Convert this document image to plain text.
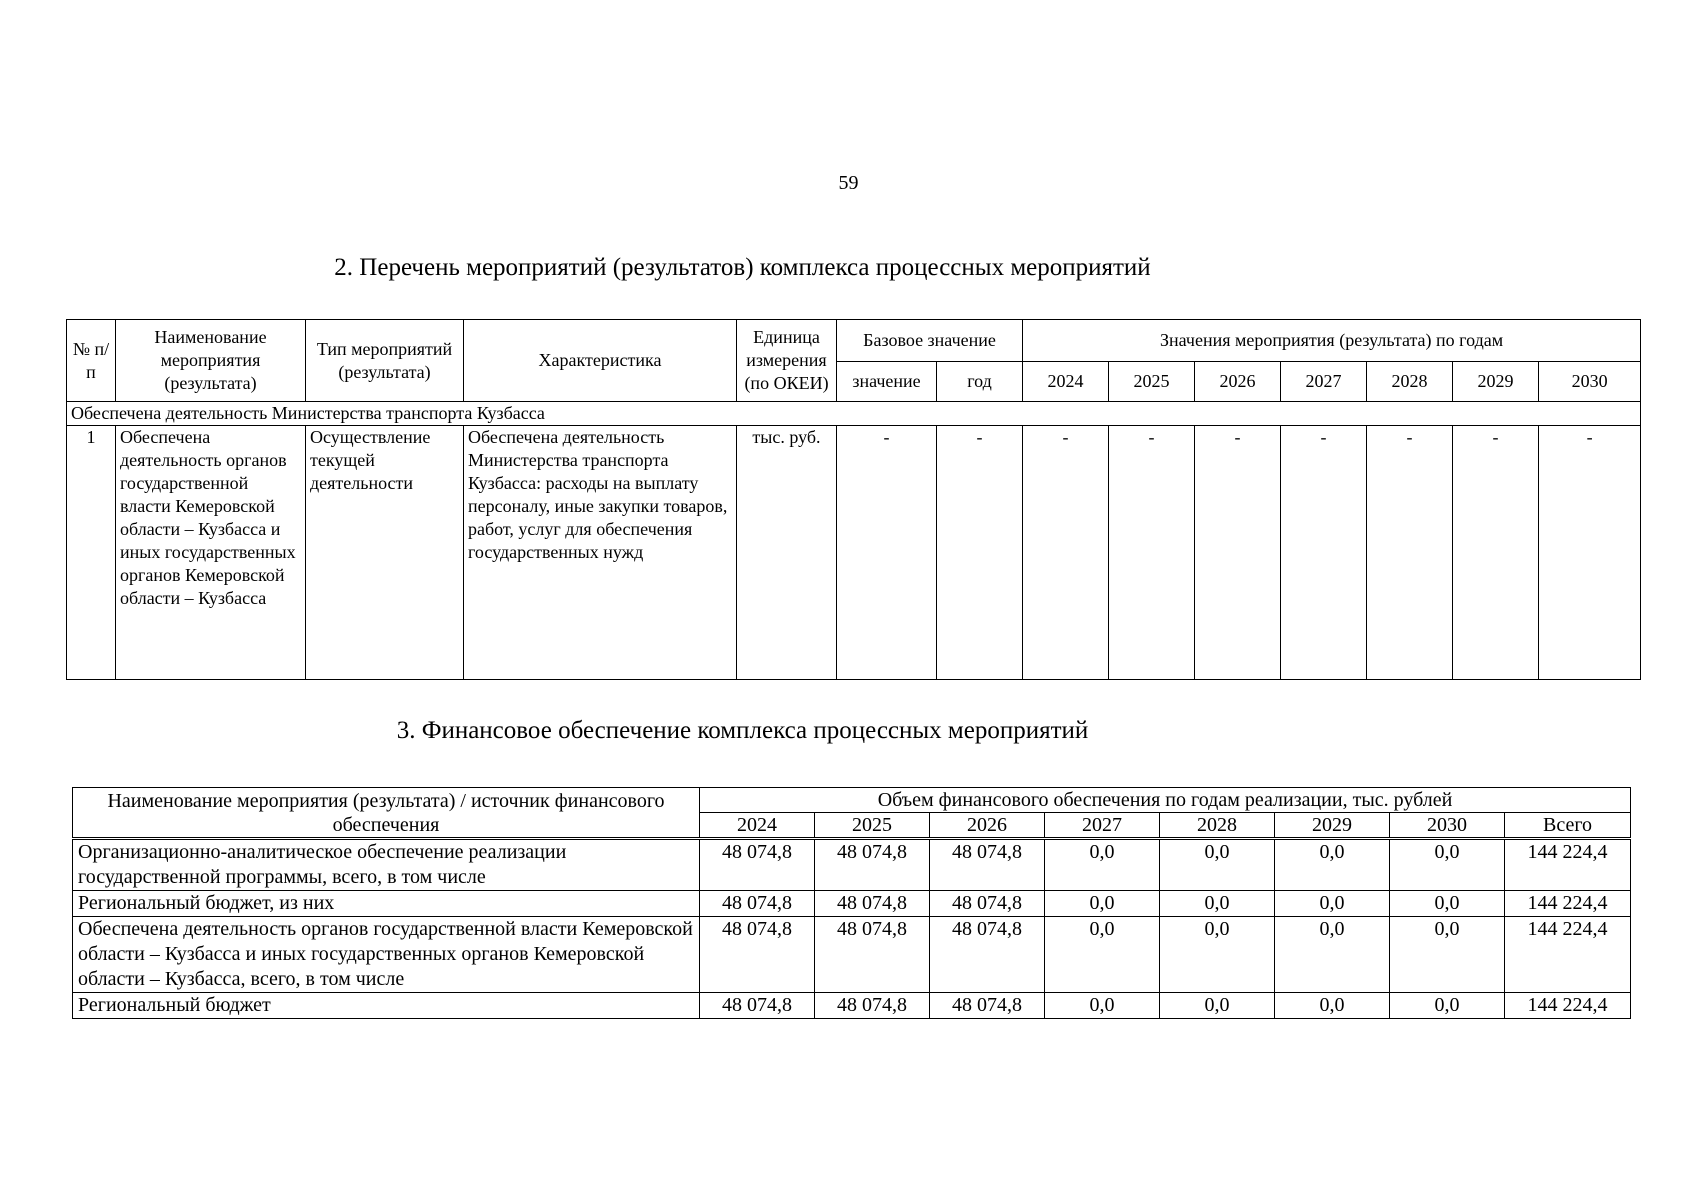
59
2. Перечень мероприятий (результатов) комплекса процессных мероприятий
№ п/п	Наименование мероприятия (результата)	Тип мероприятий (результата)	Характеристика	Единица измерения (по ОКЕИ)	Базовое значение		Значения мероприятия (результата) по годам						
					значение	год	2024	2025	2026	2027	2028	2029	2030
Обеспечена деятельность Министерства транспорта Кузбасса													
1	Обеспечена деятельность органов государственной власти Кемеровской области – Кузбасса и иных государственных органов Кемеровской области – Кузбасса	Осуществление текущей деятельности	Обеспечена деятельность Министерства транспорта Кузбасса: расходы на выплату персоналу, иные закупки товаров, работ, услуг для обеспечения государственных нужд	тыс. руб.	-	-	-	-	-	-	-	-	-
3. Финансовое обеспечение комплекса процессных мероприятий
Наименование мероприятия (результата) / источник финансового обеспечения	Объем финансового обеспечения по годам реализации, тыс. рублей							
	2024	2025	2026	2027	2028	2029	2030	Всего
Организационно-аналитическое обеспечение реализации государственной программы, всего, в том числе	48 074,8	48 074,8	48 074,8	0,0	0,0	0,0	0,0	144 224,4
Региональный бюджет, из них	48 074,8	48 074,8	48 074,8	0,0	0,0	0,0	0,0	144 224,4
Обеспечена деятельность органов государственной власти Кемеровской области – Кузбасса и иных государственных органов Кемеровской области – Кузбасса, всего, в том числе	48 074,8	48 074,8	48 074,8	0,0	0,0	0,0	0,0	144 224,4
Региональный бюджет	48 074,8	48 074,8	48 074,8	0,0	0,0	0,0	0,0	144 224,4
